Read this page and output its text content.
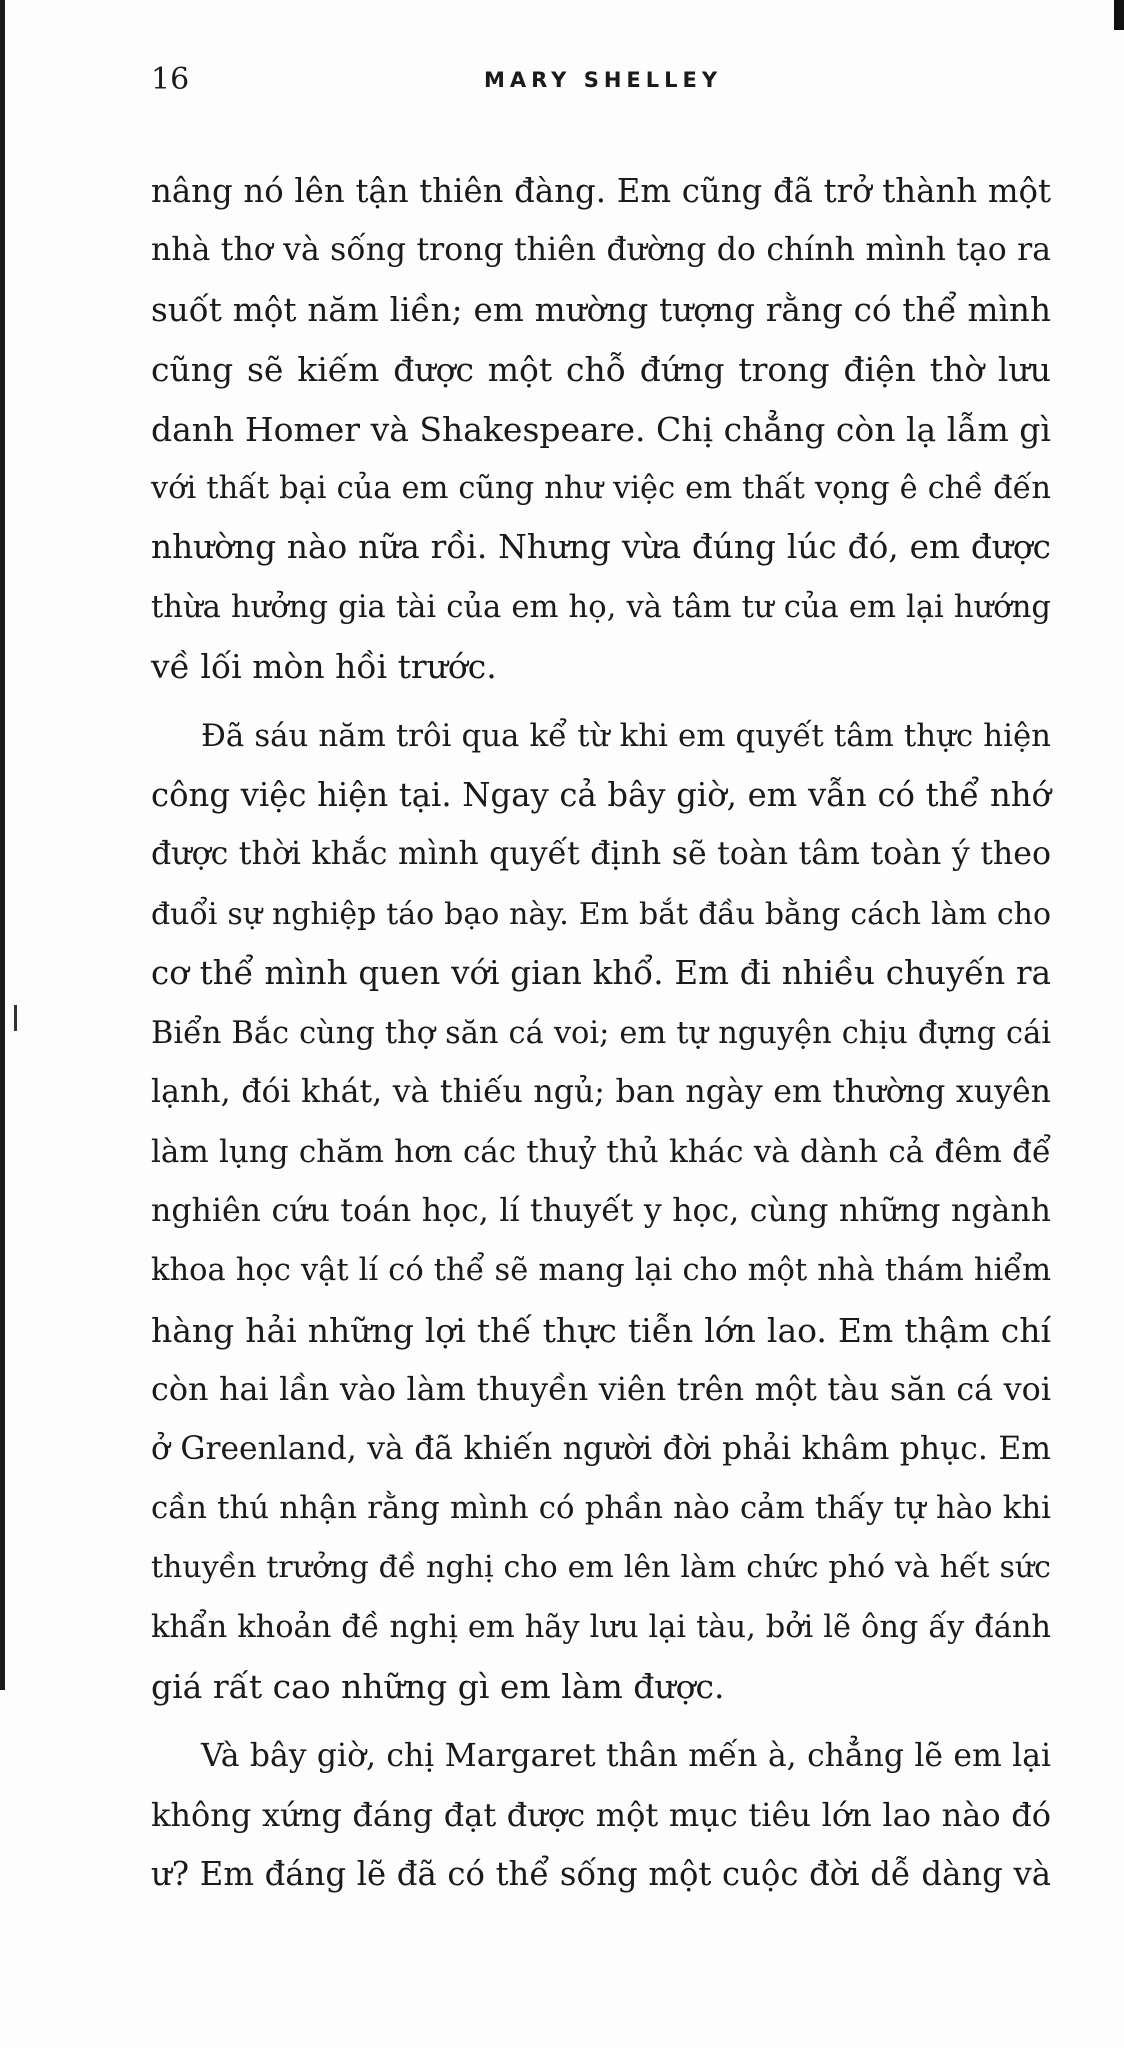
16	MARY SHELLEY

nâng nó lên tận thiên đàng. Em cũng đã trở thành một
nhà thơ và sống trong thiên đường do chính mình tạo ra
suốt một năm liền; em mường tượng rằng có thể mình
cũng sẽ kiếm được một chỗ đứng trong điện thờ lưu
danh Homer và Shakespeare. Chị chẳng còn lạ lẫm gì
với thất bại của em cũng như việc em thất vọng ê chề đến
nhường nào nữa rồi. Nhưng vừa đúng lúc đó, em được
thừa hưởng gia tài của em họ, và tâm tư của em lại hướng
về lối mòn hồi trước.

Đã sáu năm trôi qua kể từ khi em quyết tâm thực hiện
công việc hiện tại. Ngay cả bây giờ, em vẫn có thể nhớ
được thời khắc mình quyết định sẽ toàn tâm toàn ý theo
đuổi sự nghiệp táo bạo này. Em bắt đầu bằng cách làm cho
cơ thể mình quen với gian khổ. Em đi nhiều chuyến ra
Biển Bắc cùng thợ săn cá voi; em tự nguyện chịu đựng cái
lạnh, đói khát, và thiếu ngủ; ban ngày em thường xuyên
làm lụng chăm hơn các thuỷ thủ khác và dành cả đêm để
nghiên cứu toán học, lí thuyết y học, cùng những ngành
khoa học vật lí có thể sẽ mang lại cho một nhà thám hiểm
hàng hải những lợi thế thực tiễn lớn lao. Em thậm chí
còn hai lần vào làm thuyền viên trên một tàu săn cá voi
ở Greenland, và đã khiến người đời phải khâm phục. Em
cần thú nhận rằng mình có phần nào cảm thấy tự hào khi
thuyền trưởng đề nghị cho em lên làm chức phó và hết sức
khẩn khoản đề nghị em hãy lưu lại tàu, bởi lẽ ông ấy đánh
giá rất cao những gì em làm được.

Và bây giờ, chị Margaret thân mến à, chẳng lẽ em lại
không xứng đáng đạt được một mục tiêu lớn lao nào đó
ư? Em đáng lẽ đã có thể sống một cuộc đời dễ dàng và
